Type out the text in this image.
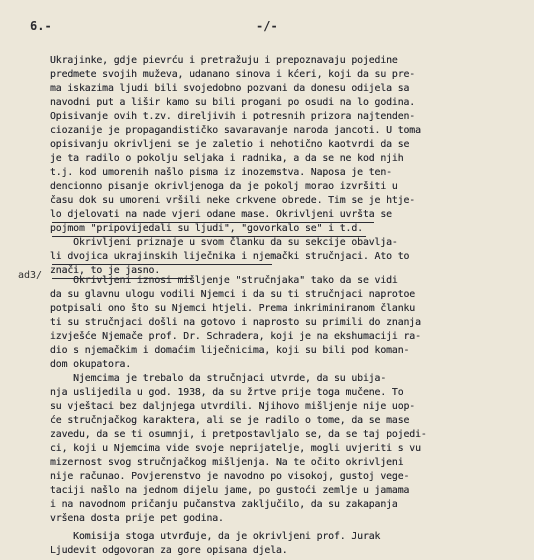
6.-	-/-
ad3/
Ukrajinke, gdje pievrću i pretražuju i prepoznavaju pojedine
predmete svojih muževa, udanano sinova i kćeri, koji da su pre-
ma iskazima ljudi bili svojedobno pozvani da donesu odijela sa
navodni put a lišir kamo su bili progani po osudi na lo godina.
Opisivanje ovih t.zv. direljivih i potresnih prizora najtenden-
ciozanije je propagandističko savaravanje naroda jancoti. U toma
opisivanju okrivljeni se je zaletio i nehotično kaotvrdi da se
je ta radilo o pokolju seljaka i radnika, a da se ne kod njih
t.j. kod umorenih našlo pisma iz inozemstva. Naposa je ten-
dencionno pisanje okrivljenoga da je pokolj morao izvršiti u
času dok su umoreni vršili neke crkvene obrede. Tim se je htje-
lo djelovati na nade vjeri odane mase. Okrivljeni uvršta se
pojmom "pripovijedali su ljudi", "govorkalo se" i t.d.
Okrivljeni priznaje u svom članku da su sekcije obavlja-
li dvojica ukrajinskih liječnika i njemački stručnjaci. Ato to
znači, to je jasno.
Okrivljeni iznosi mišljenje "stručnjaka" tako da se vidi
da su glavnu ulogu vodili Njemci i da su ti stručnjaci naprotoe
potpisali ono što su Njemci htjeli. Prema inkriminiranom članku
ti su stručnjaci došli na gotovo i naprosto su primili do znanja
izvješće Njemače prof. Dr. Schradera, koji je na ekshumaciji ra-
dio s njemačkim i domaćim liječnicima, koji su bili pod koman-
dom okupatora.
Njemcima je trebalo da stručnjaci utvrde, da su ubija-
nja uslijedila u god. 1938, da su žrtve prije toga mučene. To
su vještaci bez daljnjega utvrdili. Njihovo mišljenje nije uop-
će stručnjačkog karaktera, ali se je radilo o tome, da se mase
zavedu, da se ti osumnji, i pretpostavljalo se, da se taj pojedi-
ci, koji u Njemcima vide svoje neprijatelje, mogli uvjeriti s vu
mizernost svog stručnjačkog mišljenja. Na te očito okrivljeni
nije računao. Povjerenstvo je navodno po visokoj, gustoj vege-
taciji našlo na jednom dijelu jame, po gustoći zemlje u jamama
i na navodnom pričanju pučanstva zaključilo, da su zakapanja
vršena dosta prije pet godina.
Komisija stoga utvrđuje, da je okrivljeni prof. Jurak
Ljudevit odgovoran za gore opisana djela.
